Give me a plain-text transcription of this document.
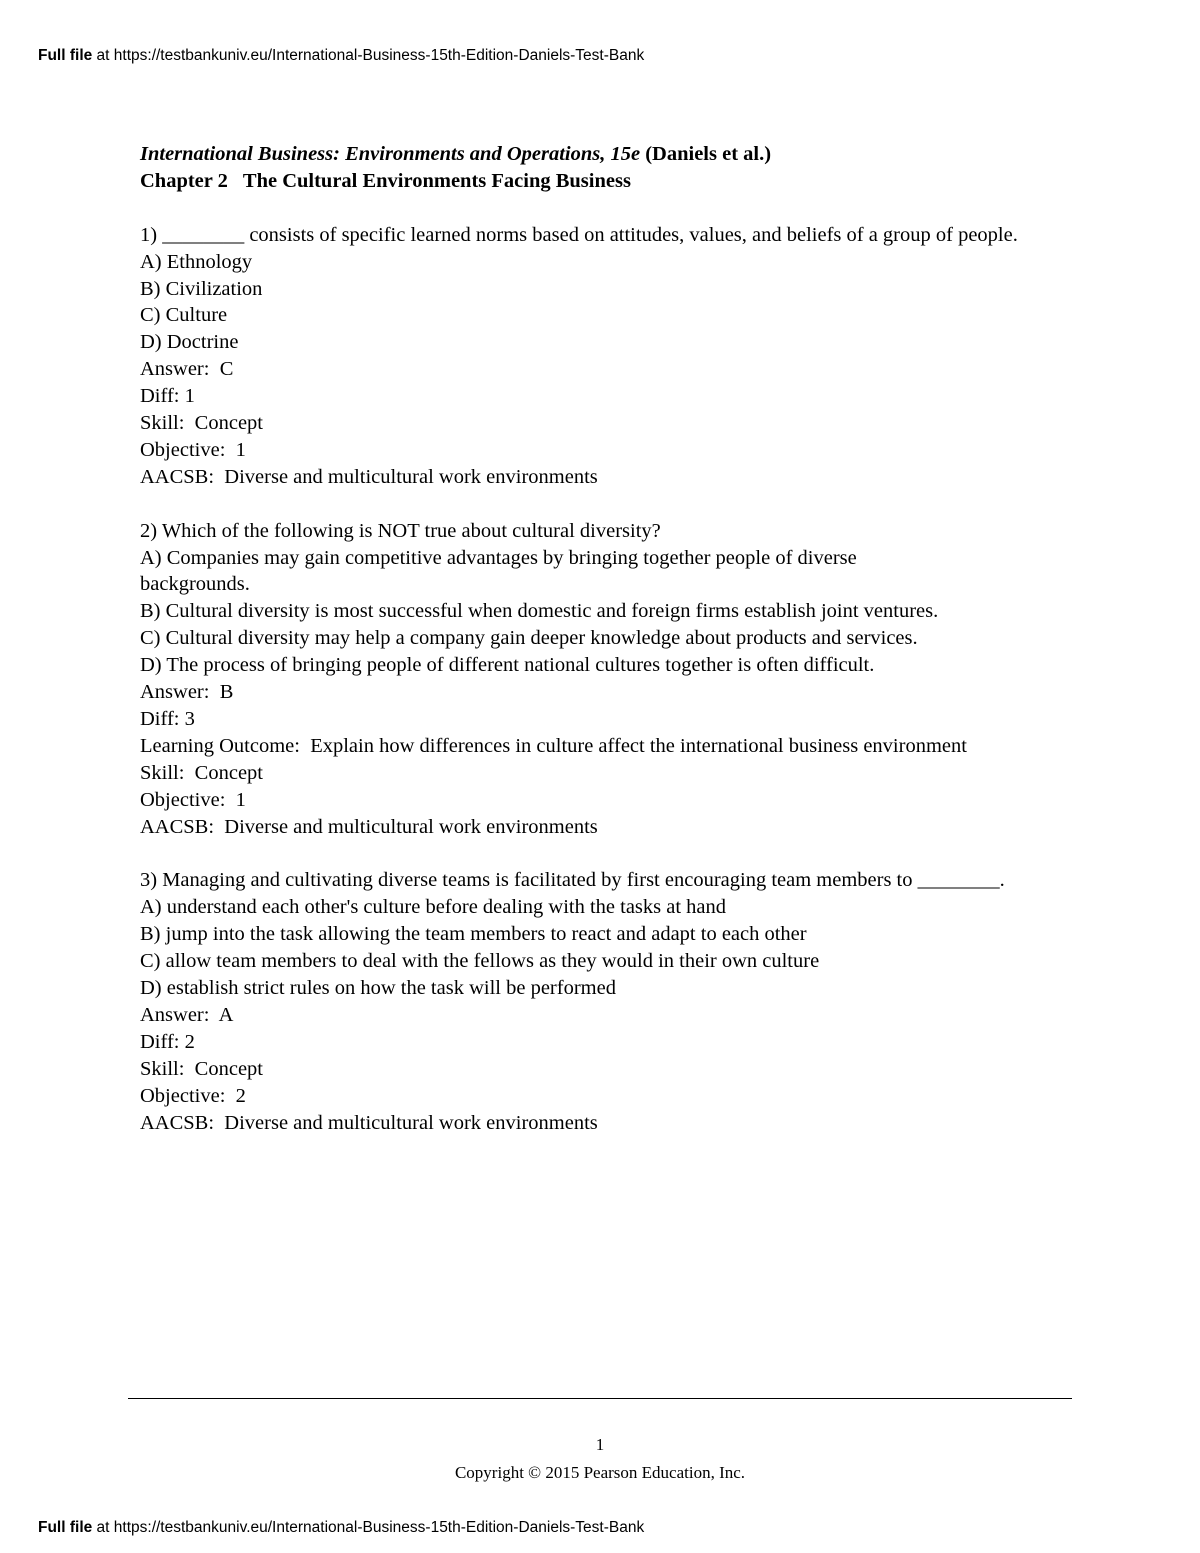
Full file at https://testbankuniv.eu/International-Business-15th-Edition-Daniels-Test-Bank
International Business: Environments and Operations, 15e (Daniels et al.)
Chapter 2   The Cultural Environments Facing Business
1) ________ consists of specific learned norms based on attitudes, values, and beliefs of a group of people.
A) Ethnology
B) Civilization
C) Culture
D) Doctrine
Answer:  C
Diff: 1
Skill:  Concept
Objective:  1
AACSB:  Diverse and multicultural work environments
2) Which of the following is NOT true about cultural diversity?
A) Companies may gain competitive advantages by bringing together people of diverse backgrounds.
B) Cultural diversity is most successful when domestic and foreign firms establish joint ventures.
C) Cultural diversity may help a company gain deeper knowledge about products and services.
D) The process of bringing people of different national cultures together is often difficult.
Answer:  B
Diff: 3
Learning Outcome:  Explain how differences in culture affect the international business environment
Skill:  Concept
Objective:  1
AACSB:  Diverse and multicultural work environments
3) Managing and cultivating diverse teams is facilitated by first encouraging team members to ________.
A) understand each other's culture before dealing with the tasks at hand
B) jump into the task allowing the team members to react and adapt to each other
C) allow team members to deal with the fellows as they would in their own culture
D) establish strict rules on how the task will be performed
Answer:  A
Diff: 2
Skill:  Concept
Objective:  2
AACSB:  Diverse and multicultural work environments
1
Copyright © 2015 Pearson Education, Inc.
Full file at https://testbankuniv.eu/International-Business-15th-Edition-Daniels-Test-Bank
